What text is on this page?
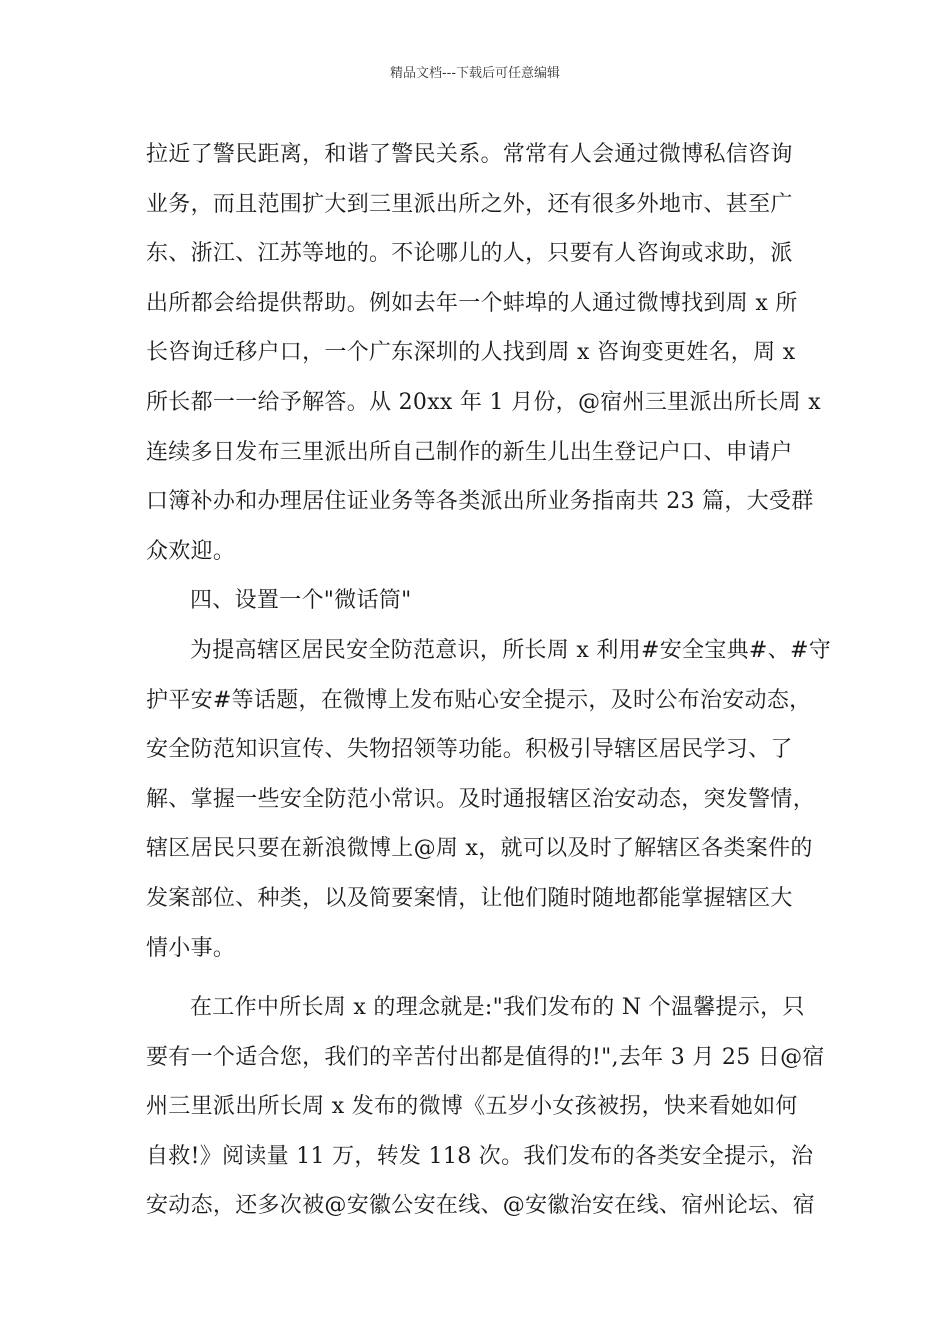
精品文档---下载后可任意编辑
拉近了警民距离，和谐了警民关系。常常有人会通过微博私信咨询
业务，而且范围扩大到三里派出所之外，还有很多外地市、甚至广
东、浙江、江苏等地的。不论哪儿的人，只要有人咨询或求助，派
出所都会给提供帮助。例如去年一个蚌埠的人通过微博找到周 x 所
长咨询迁移户口，一个广东深圳的人找到周 x 咨询变更姓名，周 x
所长都一一给予解答。从 20xx 年 1 月份，@宿州三里派出所长周 x
连续多日发布三里派出所自己制作的新生儿出生登记户口、申请户
口簿补办和办理居住证业务等各类派出所业务指南共 23 篇，大受群
众欢迎。
四、设置一个"微话筒"
为提高辖区居民安全防范意识，所长周 x 利用#安全宝典#、#守
护平安#等话题，在微博上发布贴心安全提示，及时公布治安动态，
安全防范知识宣传、失物招领等功能。积极引导辖区居民学习、了
解、掌握一些安全防范小常识。及时通报辖区治安动态，突发警情，
辖区居民只要在新浪微博上@周 x，就可以及时了解辖区各类案件的
发案部位、种类，以及简要案情，让他们随时随地都能掌握辖区大
情小事。
在工作中所长周 x 的理念就是:"我们发布的 N 个温馨提示，只
要有一个适合您，我们的辛苦付出都是值得的!",去年 3 月 25 日@宿
州三里派出所长周 x 发布的微博《五岁小女孩被拐，快来看她如何
自救!》阅读量 11 万，转发 118 次。我们发布的各类安全提示，治
安动态，还多次被@安徽公安在线、@安徽治安在线、宿州论坛、宿
